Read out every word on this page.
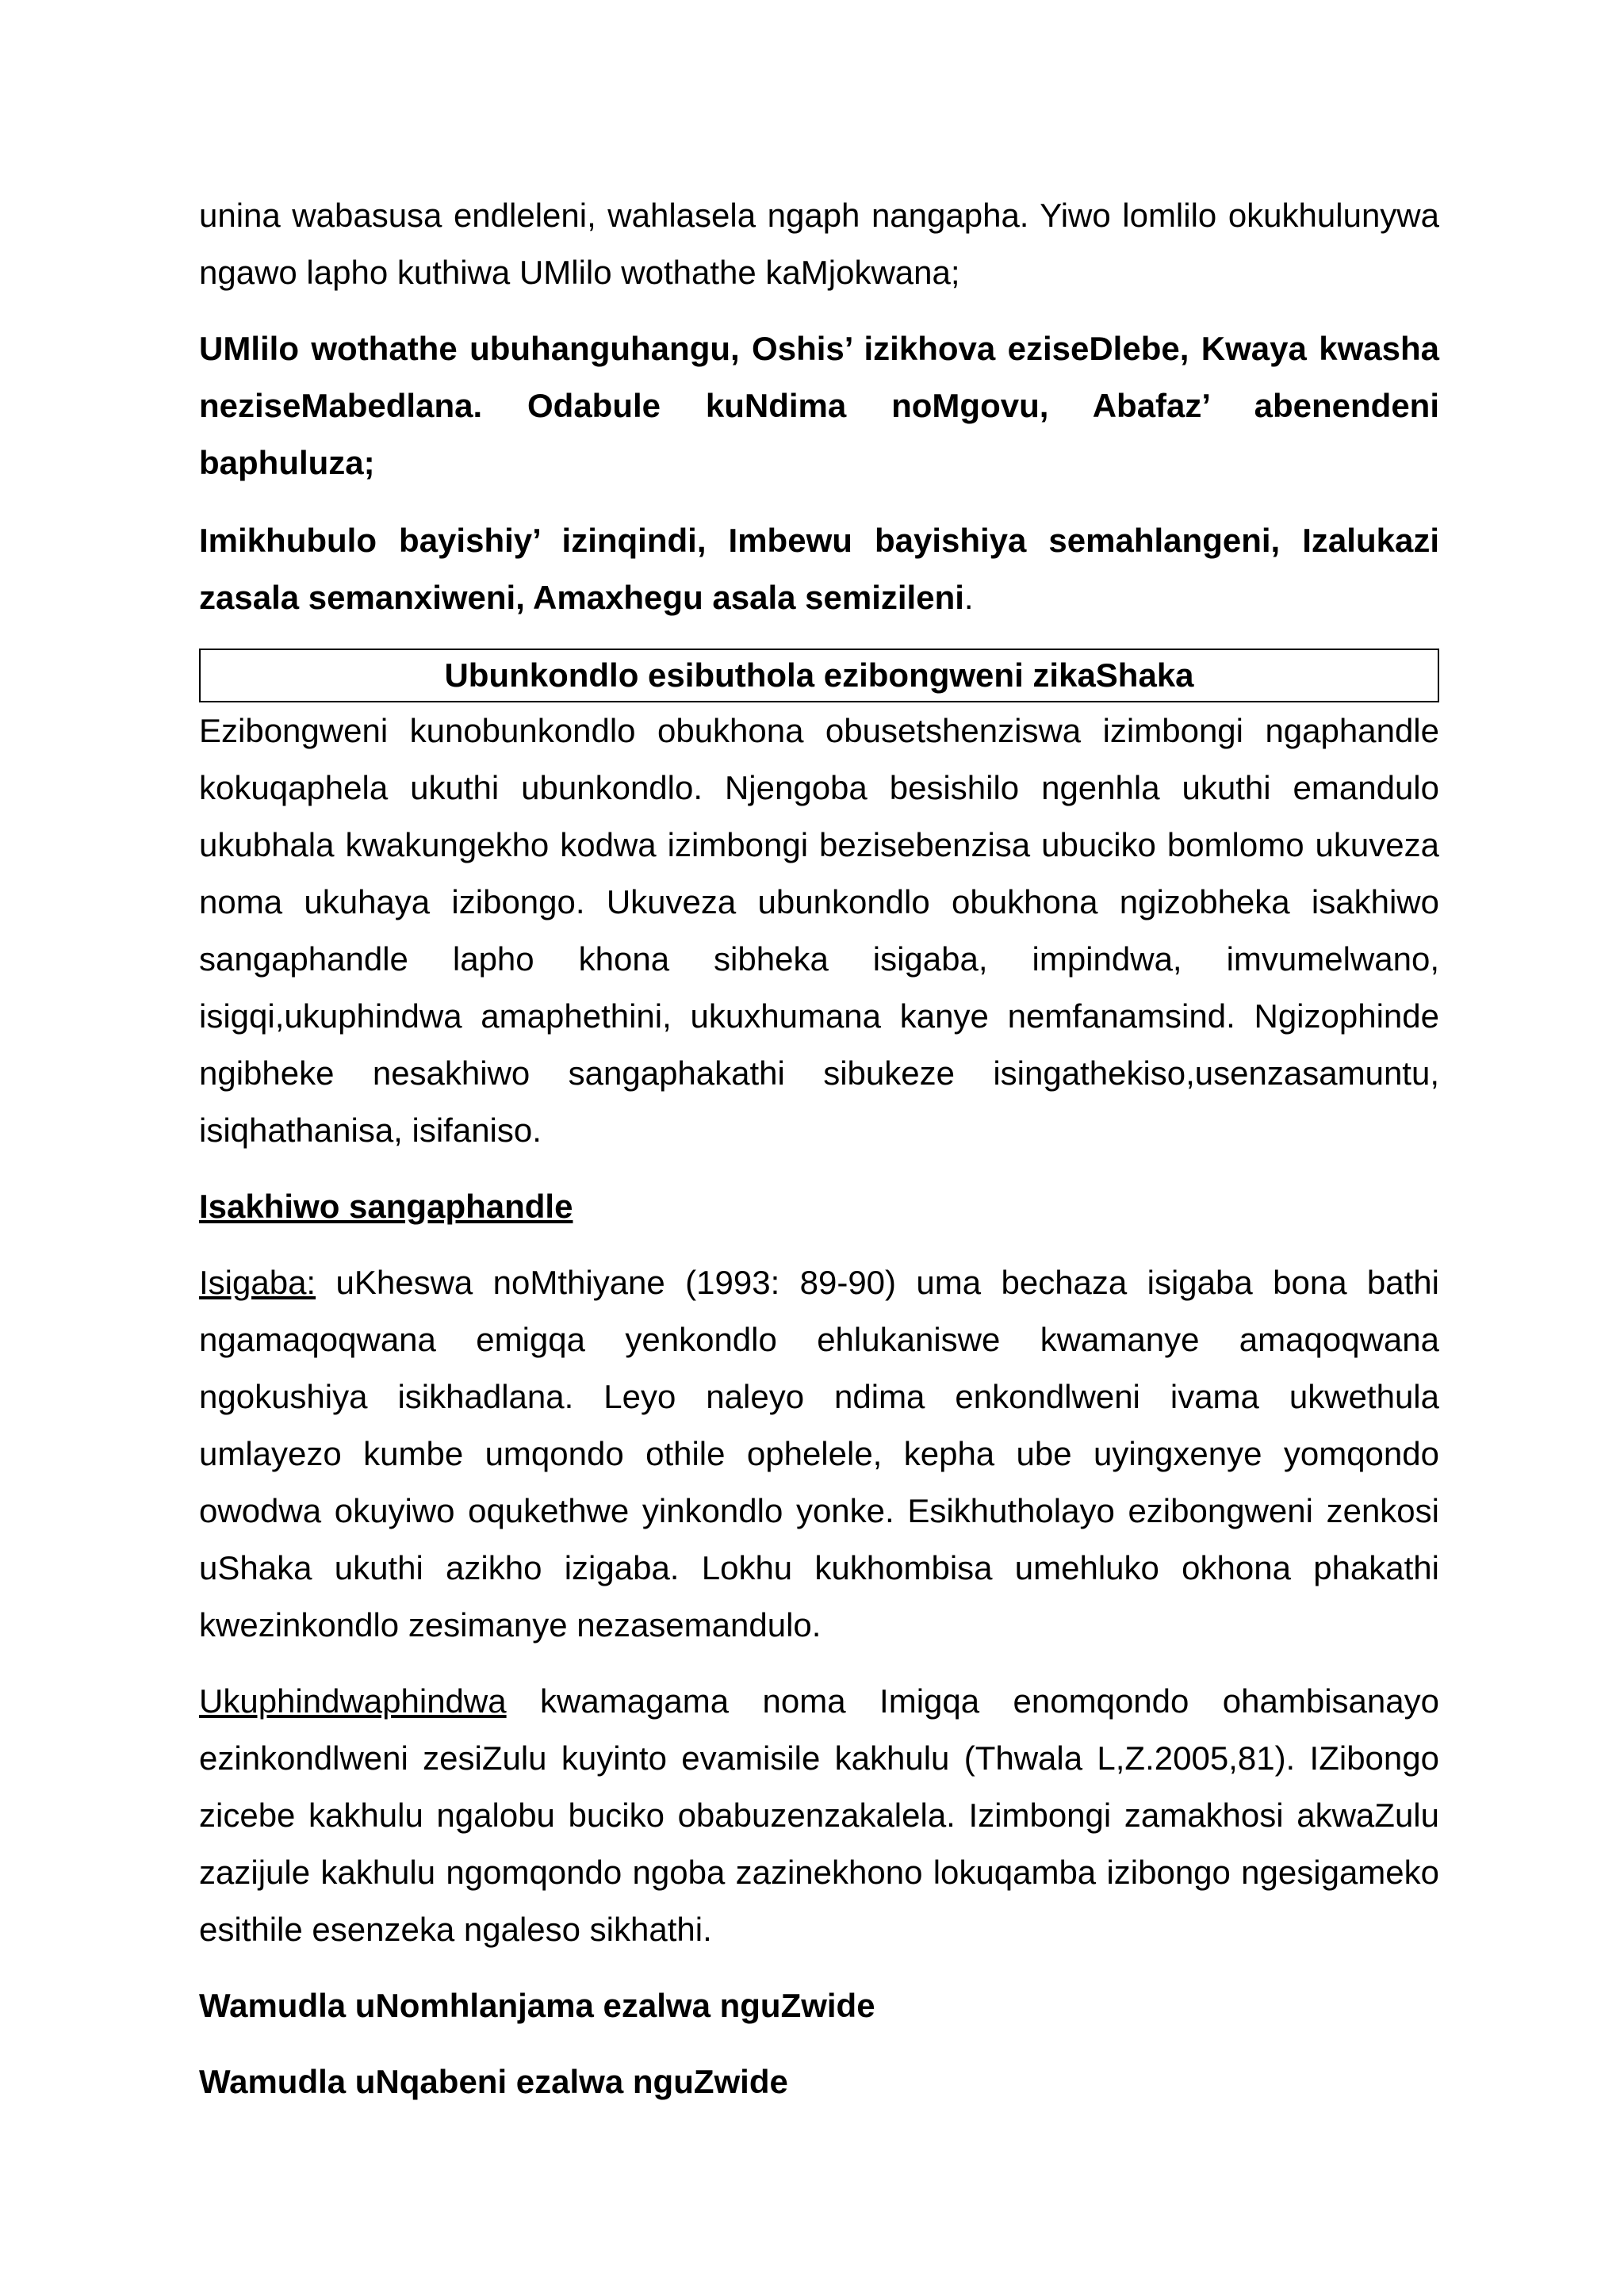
unina wabasusa endleleni, wahlasela ngaph nangapha. Yiwo lomlilo okukhulunywa ngawo lapho kuthiwa UMlilo wothathe kaMjokwana;

UMlilo wothathe ubuhanguhangu, Oshis’ izikhova eziseDlebe, Kwaya kwasha neziseMabedlana. Odabule kuNdima noMgovu, Abafaz’ abenendeni baphuluza;

Imikhubulo bayishiy’ izinqindi, Imbewu bayishiya semahlangeni, Izalukazi zasala semanxiweni, Amaxhegu asala semizileni.

Ubunkondlo esibuthola ezibongweni zikaShaka

Ezibongweni kunobunkondlo obukhona obusetshenziswa izimbongi ngaphandle kokuqaphela ukuthi ubunkondlo. Njengoba besishilo ngenhla ukuthi emandulo ukubhala kwakungekho kodwa izimbongi bezisebenzisa ubuciko bomlomo ukuveza noma ukuhaya izibongo. Ukuveza ubunkondlo obukhona ngizobheka isakhiwo sangaphandle lapho khona sibheka isigaba, impindwa, imvumelwano, isigqi,ukuphindwa amaphethini, ukuxhumana kanye nemfanamsind. Ngizophinde ngibheke nesakhiwo sangaphakathi sibukeze isingathekiso,usenzasamuntu, isiqhathanisa, isifaniso.

Isakhiwo sangaphandle

Isigaba: uKheswa noMthiyane (1993: 89-90) uma bechaza isigaba bona bathi ngamaqoqwana emigqa yenkondlo ehlukaniswe kwamanye amaqoqwana ngokushiya isikhadlana. Leyo naleyo ndima enkondlweni ivama ukwethula umlayezo kumbe umqondo othile ophelele, kepha ube uyingxenye yomqondo owodwa okuyiwo oqukethwe yinkondlo yonke. Esikhutholayo ezibongweni zenkosi uShaka ukuthi azikho izigaba. Lokhu kukhombisa umehluko okhona phakathi kwezinkondlo zesimanye nezasemandulo.

Ukuphindwaphindwa kwamagama noma Imigqa enomqondo ohambisanayo ezinkondlweni zesiZulu kuyinto evamisile kakhulu (Thwala L,Z.2005,81). IZibongo zicebe kakhulu ngalobu buciko obabuzenzakalela. Izimbongi zamakhosi akwaZulu zazijule kakhulu ngomqondo ngoba zazinekhono lokuqamba izibongo ngesigameko esithile esenzeka ngaleso sikhathi.

Wamudla uNomhlanjama ezalwa nguZwide

Wamudla uNqabeni ezalwa nguZwide
